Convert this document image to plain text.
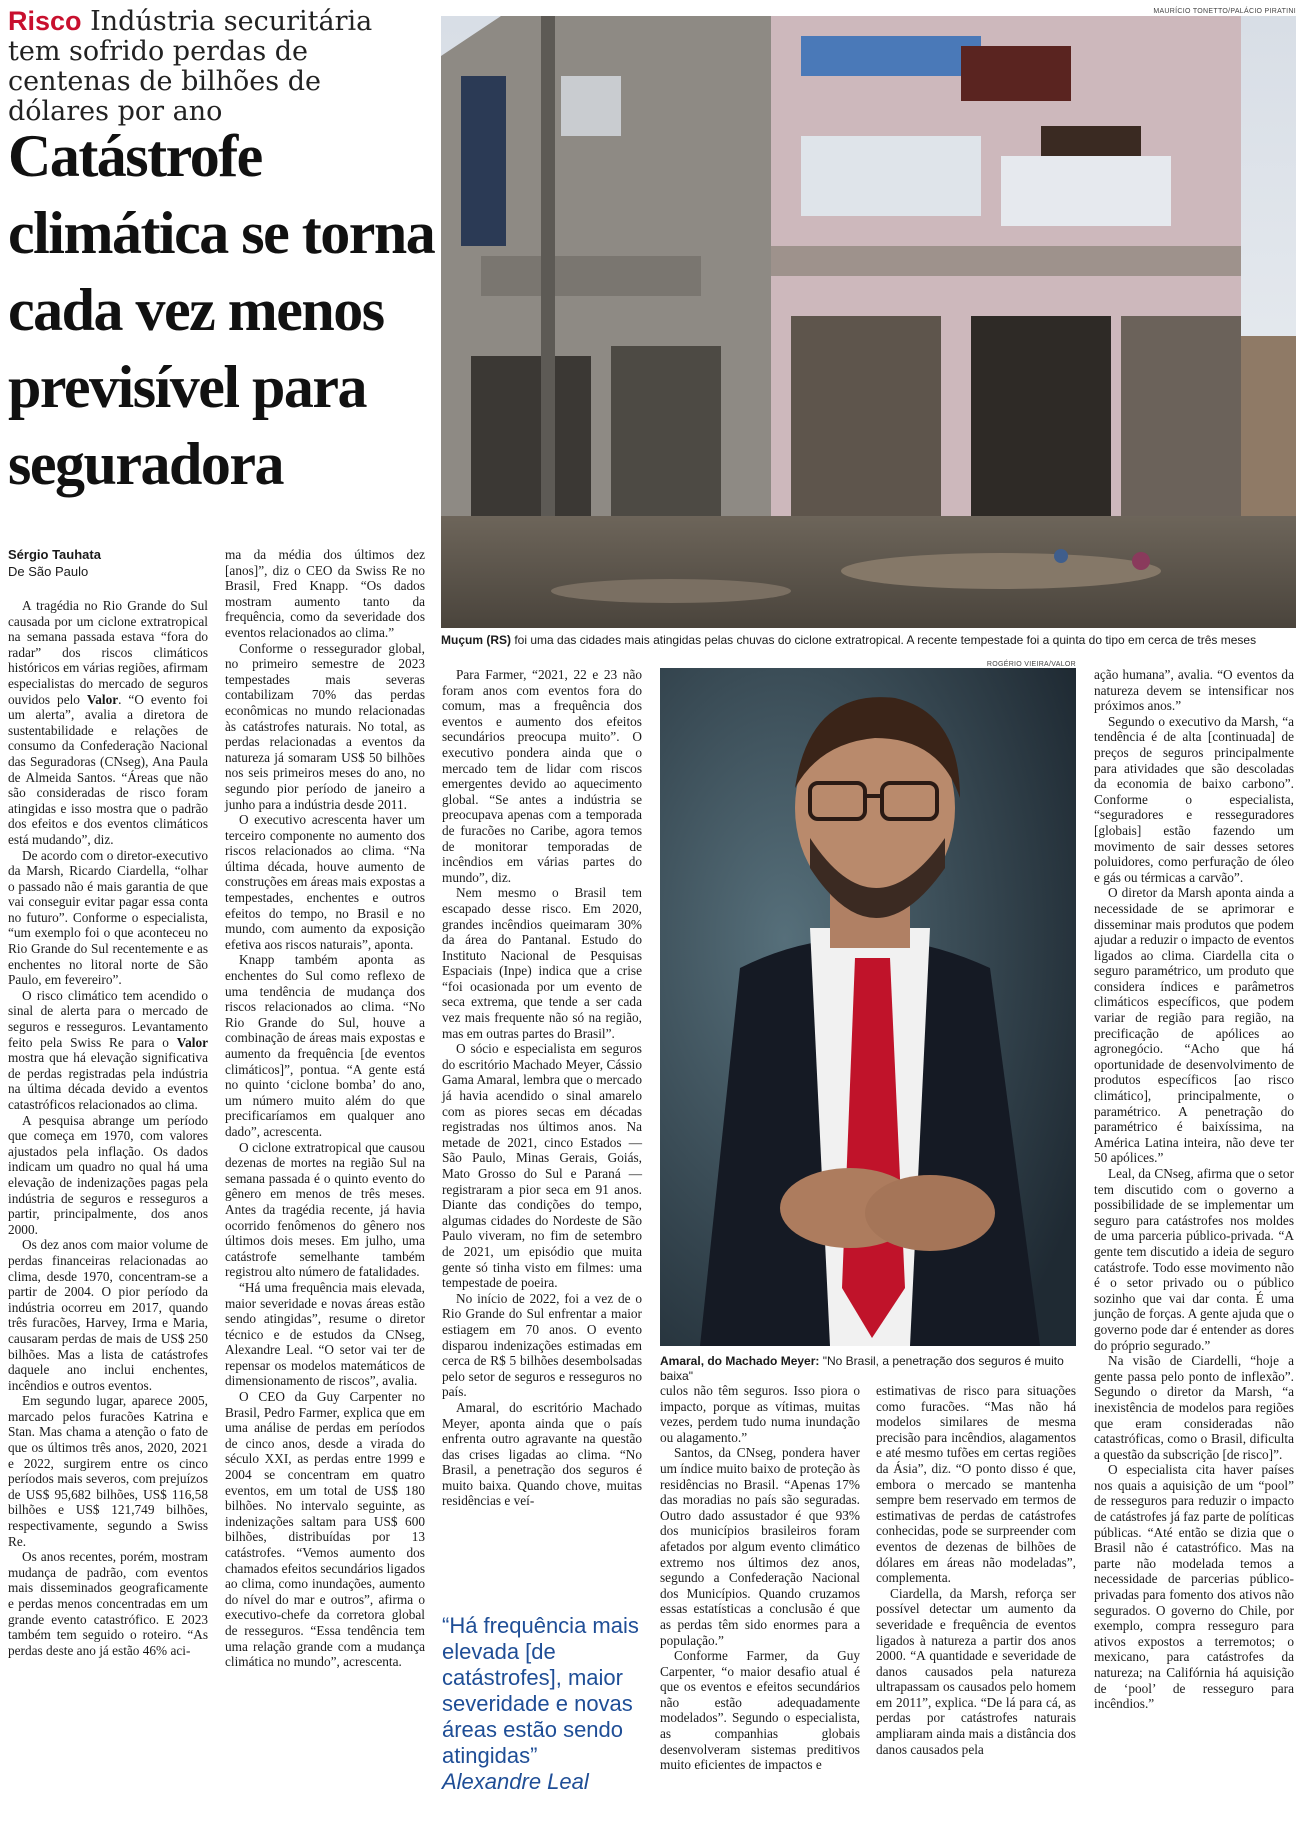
Risco Indústria securitária tem sofrido perdas de centenas de bilhões de dólares por ano
Catástrofe climática se torna cada vez menos previsível para seguradora
Sérgio Tauhata
De São Paulo
MAURÍCIO TONETTO/PALÁCIO PIRATINI
Muçum (RS) foi uma das cidades mais atingidas pelas chuvas do ciclone extratropical. A recente tempestade foi a quinta do tipo em cerca de três meses
ROGÉRIO VIEIRA/VALOR
Amaral, do Machado Meyer: "No Brasil, a penetração dos seguros é muito baixa"
“Há frequência mais elevada [de catástrofes], maior severidade e novas áreas estão sendo atingidas”
Alexandre Leal

A tragédia no Rio Grande do Sul causada por um ciclone extratropical na semana passada estava “fora do radar” dos riscos climáticos históricos em várias regiões, afirmam especialistas do mercado de seguros ouvidos pelo Valor. “O evento foi um alerta”, avalia a diretora de sustentabilidade e relações de consumo da Confederação Nacional das Seguradoras (CNseg), Ana Paula de Almeida Santos. “Áreas que não são consideradas de risco foram atingidas e isso mostra que o padrão dos efeitos e dos eventos climáticos está mudando”, diz.

De acordo com o diretor-executivo da Marsh, Ricardo Ciardella, “olhar o passado não é mais garantia de que vai conseguir evitar pagar essa conta no futuro”. Conforme o especialista, “um exemplo foi o que aconteceu no Rio Grande do Sul recentemente e as enchentes no litoral norte de São Paulo, em fevereiro”.

O risco climático tem acendido o sinal de alerta para o mercado de seguros e resseguros. Levantamento feito pela Swiss Re para o Valor mostra que há elevação significativa de perdas registradas pela indústria na última década devido a eventos catastróficos relacionados ao clima.

A pesquisa abrange um período que começa em 1970, com valores ajustados pela inflação. Os dados indicam um quadro no qual há uma elevação de indenizações pagas pela indústria de seguros e resseguros a partir, principalmente, dos anos 2000.

Os dez anos com maior volume de perdas financeiras relacionadas ao clima, desde 1970, concentram-se a partir de 2004. O pior período da indústria ocorreu em 2017, quando três furacões, Harvey, Irma e Maria, causaram perdas de mais de US$ 250 bilhões. Mas a lista de catástrofes daquele ano inclui enchentes, incêndios e outros eventos.

Em segundo lugar, aparece 2005, marcado pelos furacões Katrina e Stan. Mas chama a atenção o fato de que os últimos três anos, 2020, 2021 e 2022, surgirem entre os cinco períodos mais severos, com prejuízos de US$ 95,682 bilhões, US$ 116,58 bilhões e US$ 121,749 bilhões, respectivamente, segundo a Swiss Re.

Os anos recentes, porém, mostram mudança de padrão, com eventos mais disseminados geograficamente e perdas menos concentradas em um grande evento catastrófico. E 2023 também tem seguido o roteiro. “As perdas deste ano já estão 46% aci-

ma da média dos últimos dez [anos]”, diz o CEO da Swiss Re no Brasil, Fred Knapp. “Os dados mostram aumento tanto da frequência, como da severidade dos eventos relacionados ao clima.”

Conforme o ressegurador global, no primeiro semestre de 2023 tempestades mais severas contabilizam 70% das perdas econômicas no mundo relacionadas às catástrofes naturais. No total, as perdas relacionadas a eventos da natureza já somaram US$ 50 bilhões nos seis primeiros meses do ano, no segundo pior período de janeiro a junho para a indústria desde 2011.

O executivo acrescenta haver um terceiro componente no aumento dos riscos relacionados ao clima. “Na última década, houve aumento de construções em áreas mais expostas a tempestades, enchentes e outros efeitos do tempo, no Brasil e no mundo, com aumento da exposição efetiva aos riscos naturais”, aponta.

Knapp também aponta as enchentes do Sul como reflexo de uma tendência de mudança dos riscos relacionados ao clima. “No Rio Grande do Sul, houve a combinação de áreas mais expostas e aumento da frequência [de eventos climáticos]”, pontua. “A gente está no quinto ‘ciclone bomba’ do ano, um número muito além do que precificaríamos em qualquer ano dado”, acrescenta.

O ciclone extratropical que causou dezenas de mortes na região Sul na semana passada é o quinto evento do gênero em menos de três meses. Antes da tragédia recente, já havia ocorrido fenômenos do gênero nos últimos dois meses. Em julho, uma catástrofe semelhante também registrou alto número de fatalidades.

“Há uma frequência mais elevada, maior severidade e novas áreas estão sendo atingidas”, resume o diretor técnico e de estudos da CNseg, Alexandre Leal. “O setor vai ter de repensar os modelos matemáticos de dimensionamento de riscos”, avalia.

O CEO da Guy Carpenter no Brasil, Pedro Farmer, explica que em uma análise de perdas em períodos de cinco anos, desde a virada do século XXI, as perdas entre 1999 e 2004 se concentram em quatro eventos, em um total de US$ 180 bilhões. No intervalo seguinte, as indenizações saltam para US$ 600 bilhões, distribuídas por 13 catástrofes. “Vemos aumento dos chamados efeitos secundários ligados ao clima, como inundações, aumento do nível do mar e outros”, afirma o executivo-chefe da corretora global de resseguros. “Essa tendência tem uma relação grande com a mudança climática no mundo”, acrescenta.

Para Farmer, “2021, 22 e 23 não foram anos com eventos fora do comum, mas a frequência dos eventos e aumento dos efeitos secundários preocupa muito”. O executivo pondera ainda que o mercado tem de lidar com riscos emergentes devido ao aquecimento global. “Se antes a indústria se preocupava apenas com a temporada de furacões no Caribe, agora temos de monitorar temporadas de incêndios em várias partes do mundo”, diz.

Nem mesmo o Brasil tem escapado desse risco. Em 2020, grandes incêndios queimaram 30% da área do Pantanal. Estudo do Instituto Nacional de Pesquisas Espaciais (Inpe) indica que a crise “foi ocasionada por um evento de seca extrema, que tende a ser cada vez mais frequente não só na região, mas em outras partes do Brasil”.

O sócio e especialista em seguros do escritório Machado Meyer, Cássio Gama Amaral, lembra que o mercado já havia acendido o sinal amarelo com as piores secas em décadas registradas nos últimos anos. Na metade de 2021, cinco Estados — São Paulo, Minas Gerais, Goiás, Mato Grosso do Sul e Paraná — registraram a pior seca em 91 anos. Diante das condições do tempo, algumas cidades do Nordeste de São Paulo viveram, no fim de setembro de 2021, um episódio que muita gente só tinha visto em filmes: uma tempestade de poeira.

No início de 2022, foi a vez de o Rio Grande do Sul enfrentar a maior estiagem em 70 anos. O evento disparou indenizações estimadas em cerca de R$ 5 bilhões desembolsadas pelo setor de seguros e resseguros no país.

Amaral, do escritório Machado Meyer, aponta ainda que o país enfrenta outro agravante na questão das crises ligadas ao clima. “No Brasil, a penetração dos seguros é muito baixa. Quando chove, muitas residências e veí-

culos não têm seguros. Isso piora o impacto, porque as vítimas, muitas vezes, perdem tudo numa inundação ou alagamento.”

Santos, da CNseg, pondera haver um índice muito baixo de proteção às residências no Brasil. “Apenas 17% das moradias no país são seguradas. Outro dado assustador é que 93% dos municípios brasileiros foram afetados por algum evento climático extremo nos últimos dez anos, segundo a Confederação Nacional dos Municípios. Quando cruzamos essas estatísticas a conclusão é que as perdas têm sido enormes para a população.”

Conforme Farmer, da Guy Carpenter, “o maior desafio atual é que os eventos e efeitos secundários não estão adequadamente modelados”. Segundo o especialista, as companhias globais desenvolveram sistemas preditivos muito eficientes de impactos e

estimativas de risco para situações como furacões. “Mas não há modelos similares de mesma precisão para incêndios, alagamentos e até mesmo tufões em certas regiões da Ásia”, diz. “O ponto disso é que, embora o mercado se mantenha sempre bem reservado em termos de estimativas de perdas de catástrofes conhecidas, pode se surpreender com eventos de dezenas de bilhões de dólares em áreas não modeladas”, complementa.

Ciardella, da Marsh, reforça ser possível detectar um aumento da severidade e frequência de eventos ligados à natureza a partir dos anos 2000. “A quantidade e severidade de danos causados pela natureza ultrapassam os causados pelo homem em 2011”, explica. “De lá para cá, as perdas por catástrofes naturais ampliaram ainda mais a distância dos danos causados pela

ação humana”, avalia. “O eventos da natureza devem se intensificar nos próximos anos.”

Segundo o executivo da Marsh, “a tendência é de alta [continuada] de preços de seguros principalmente para atividades que são descoladas da economia de baixo carbono”. Conforme o especialista, “seguradores e resseguradores [globais] estão fazendo um movimento de sair desses setores poluidores, como perfuração de óleo e gás ou térmicas a carvão”.

O diretor da Marsh aponta ainda a necessidade de se aprimorar e disseminar mais produtos que podem ajudar a reduzir o impacto de eventos ligados ao clima. Ciardella cita o seguro paramétrico, um produto que considera índices e parâmetros climáticos específicos, que podem variar de região para região, na precificação de apólices ao agronegócio. “Acho que há oportunidade de desenvolvimento de produtos específicos [ao risco climático], principalmente, o paramétrico. A penetração do paramétrico é baixíssima, na América Latina inteira, não deve ter 50 apólices.”

Leal, da CNseg, afirma que o setor tem discutido com o governo a possibilidade de se implementar um seguro para catástrofes nos moldes de uma parceria público-privada. “A gente tem discutido a ideia de seguro catástrofe. Todo esse movimento não é o setor privado ou o público sozinho que vai dar conta. É uma junção de forças. A gente ajuda que o governo pode dar é entender as dores do próprio segurado.”

Na visão de Ciardelli, “hoje a gente passa pelo ponto de inflexão”. Segundo o diretor da Marsh, “a inexistência de modelos para regiões que eram consideradas não catastróficas, como o Brasil, dificulta a questão da subscrição [de risco]”.

O especialista cita haver países nos quais a aquisição de um “pool” de resseguros para reduzir o impacto de catástrofes já faz parte de políticas públicas. “Até então se dizia que o Brasil não é catastrófico. Mas na parte não modelada temos a necessidade de parcerias público-privadas para fomento dos ativos não segurados. O governo do Chile, por exemplo, compra resseguro para ativos expostos a terremotos; o mexicano, para catástrofes da natureza; na Califórnia há aquisição de ‘pool’ de resseguro para incêndios.”
